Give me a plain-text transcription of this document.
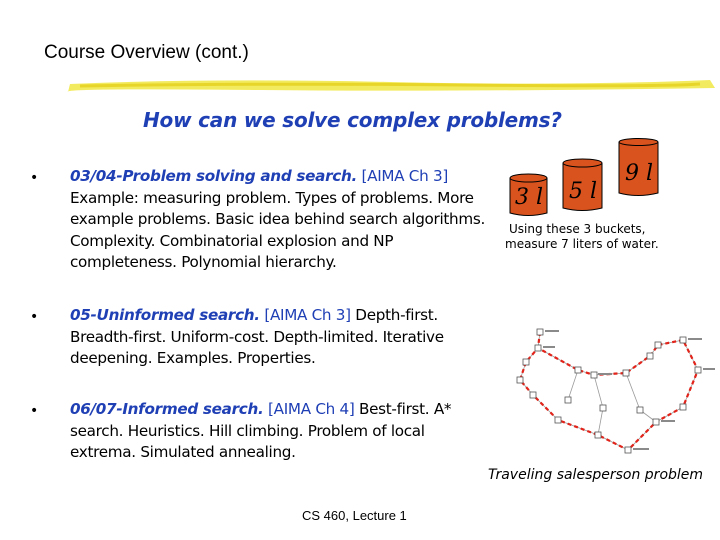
Course Overview (cont.)
How can we solve complex problems?
• 03/04-Problem solving and search. [AIMA Ch 3] Example: measuring problem. Types of problems. More example problems. Basic idea behind search algorithms. Complexity. Combinatorial explosion and NP completeness. Polynomial hierarchy.
• 05-Uninformed search. [AIMA Ch 3] Depth-first. Breadth-first. Uniform-cost. Depth-limited. Iterative deepening. Examples. Properties.
• 06/07-Informed search. [AIMA Ch 4] Best-first. A* search. Heuristics. Hill climbing. Problem of local extrema. Simulated annealing.
3 l 5 l
9 l
Using these 3 buckets,
measure 7 liters of water.
Traveling salesperson problem
CS 460, Lecture 1
